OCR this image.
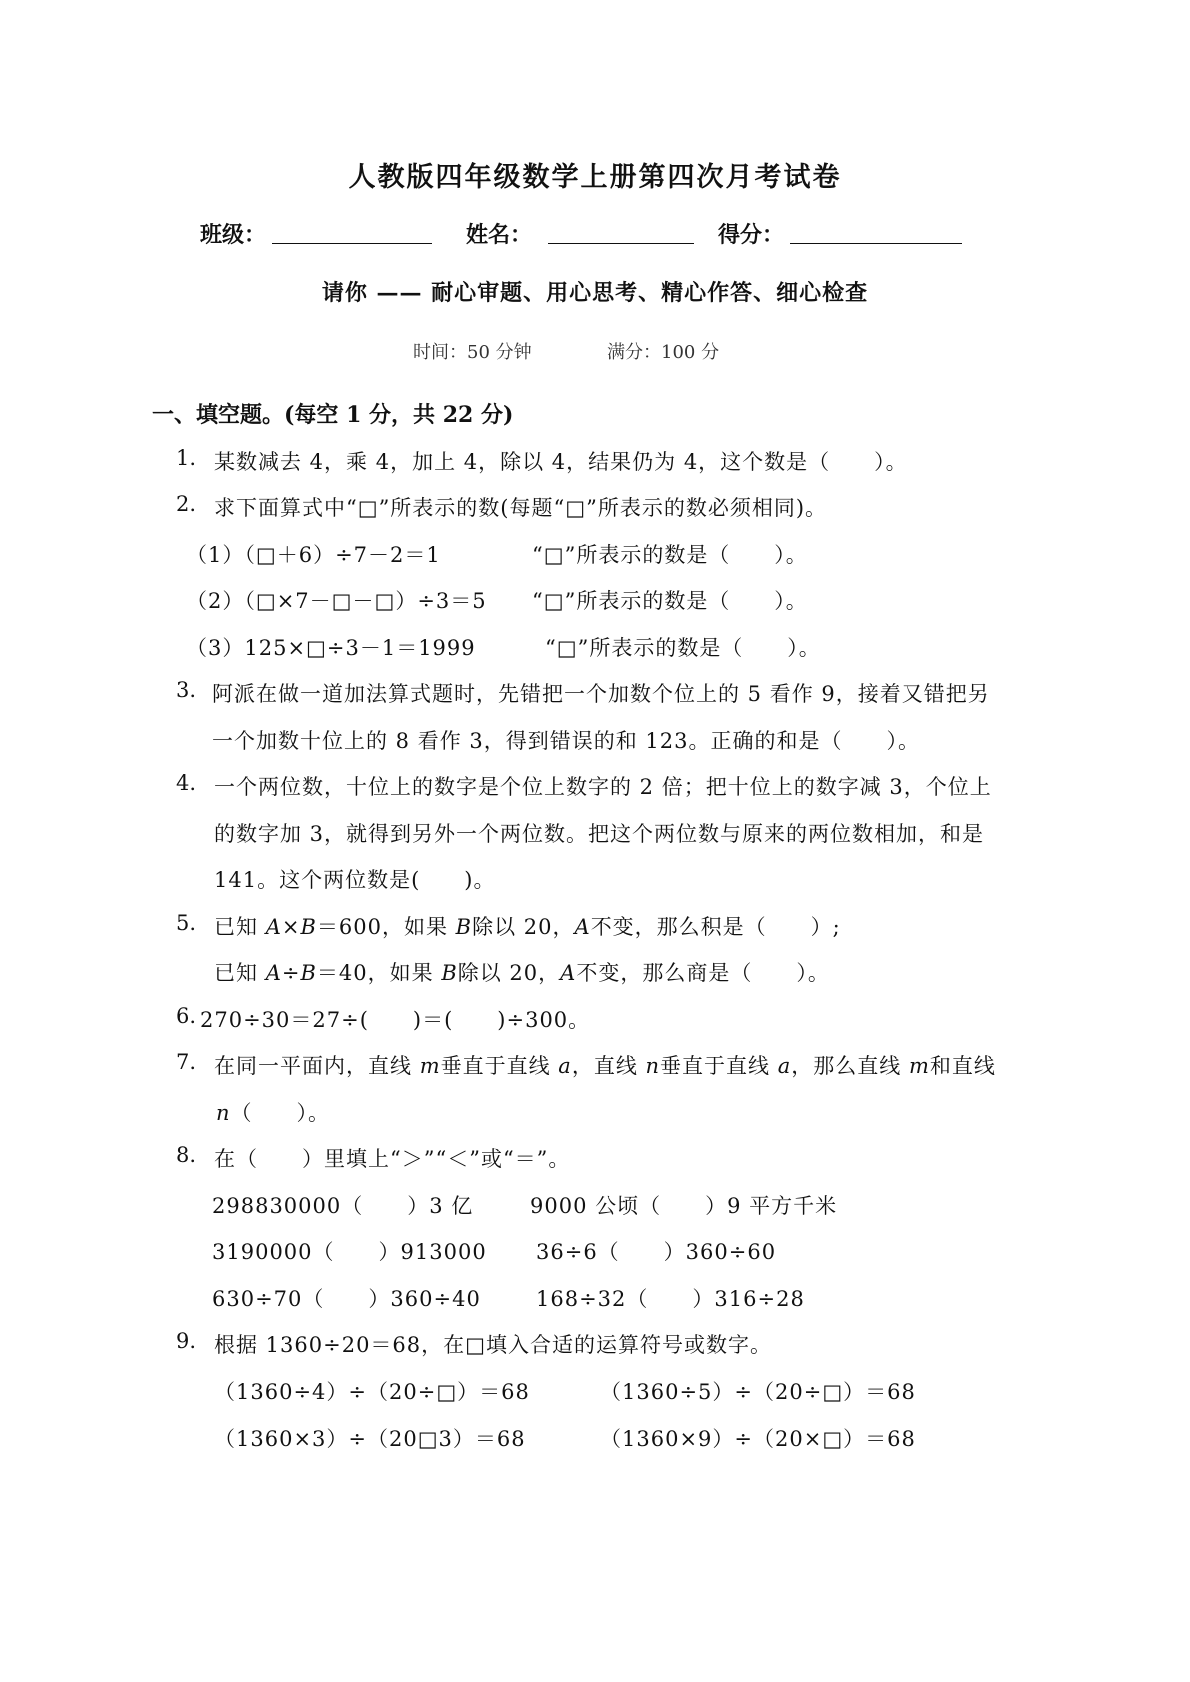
人教版四年级数学上册第四次月考试卷
班级：	姓名：	得分：
请你 —— 耐心审题、用心思考、精心作答、细心检查
时间：50 分钟	满分：100 分
一、填空题。(每空 1 分，共 22 分)
1. 某数减去 4，乘 4，加上 4，除以 4，结果仍为 4，这个数是（　　）。
2. 求下面算式中“□”所表示的数(每题“□”所表示的数必须相同)。
（1）（□＋6）÷7－2＝1	“□”所表示的数是（　　）。
（2）（□×7－□－□）÷3＝5 “□”所表示的数是（　　）。
（3）125×□÷3－1＝1999	“□”所表示的数是（　　）。
3. 阿派在做一道加法算式题时，先错把一个加数个位上的 5 看作 9，接着又错把另
一个加数十位上的 8 看作 3，得到错误的和 123。正确的和是（　　）。
4. 一个两位数，十位上的数字是个位上数字的 2 倍；把十位上的数字减 3，个位上
的数字加 3，就得到另外一个两位数。把这个两位数与原来的两位数相加，和是
141。这个两位数是(　　)。
5. 已知 A×B＝600，如果 B除以 20，A不变，那么积是（　　）;
已知 A÷B＝40，如果 B除以 20，A不变，那么商是（　　）。
6. 270÷30＝27÷(　　)＝(　　)÷300。
7. 在同一平面内，直线 m垂直于直线 a，直线 n垂直于直线 a，那么直线 m和直线
n（　　）。
8. 在（　　）里填上“＞”“＜”或“＝”。
298830000（　　）3 亿	9000 公顷（　　）9 平方千米
3190000（　　）913000 36÷6（　　）360÷60
630÷70（　　）360÷40	168÷32（　　）316÷28
9. 根据 1360÷20＝68，在□填入合适的运算符号或数字。
（1360÷4）÷（20÷□）＝68	（1360÷5）÷（20÷□）＝68
（1360×3）÷（20□3）＝68	（1360×9）÷（20×□）＝68
